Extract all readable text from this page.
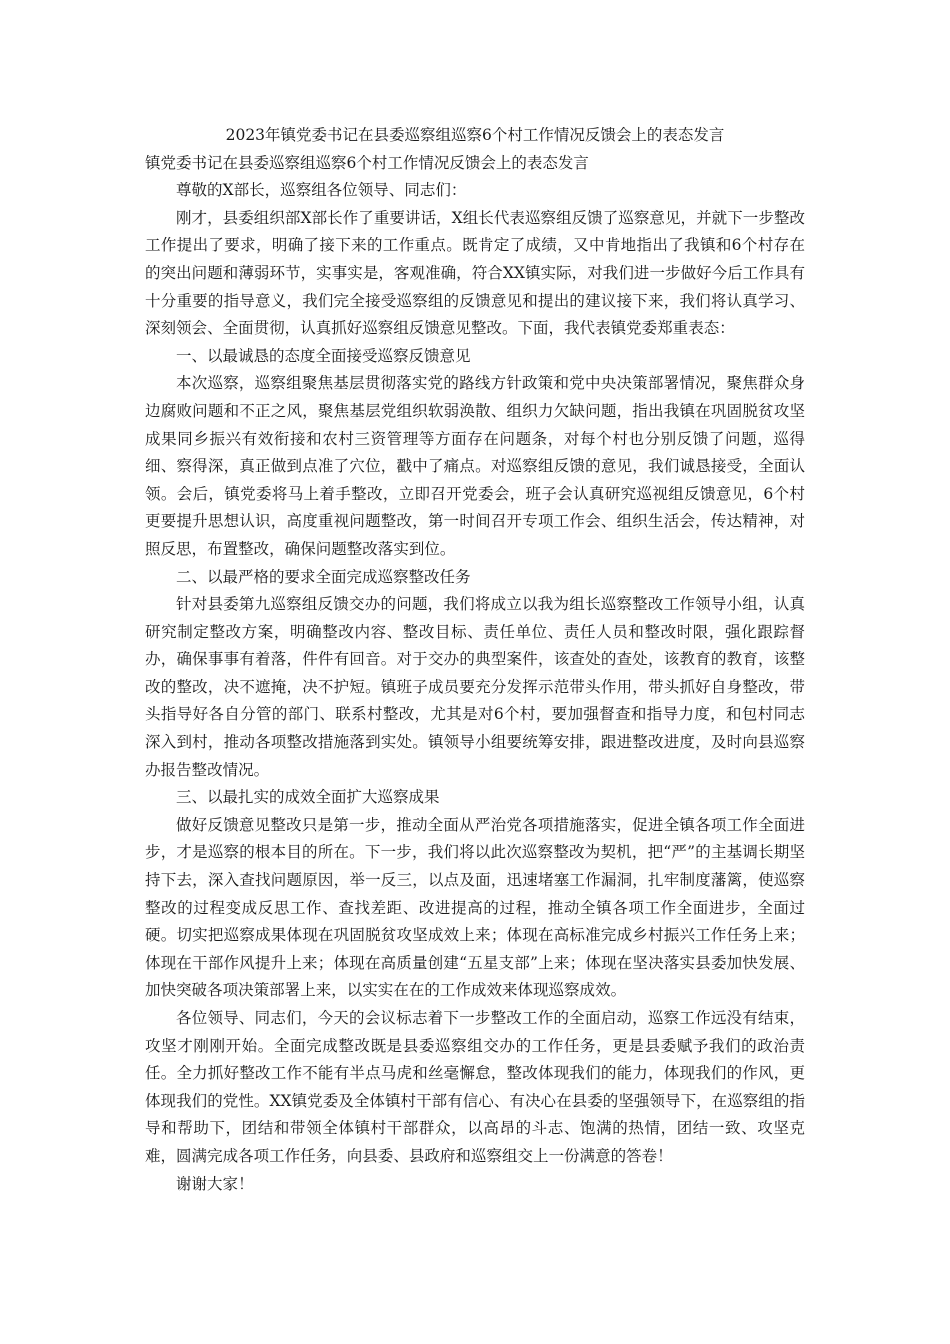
2023年镇党委书记在县委巡察组巡察6个村工作情况反馈会上的表态发言

镇党委书记在县委巡察组巡察6个村工作情况反馈会上的表态发言

尊敬的X部长，巡察组各位领导、同志们：

刚才，县委组织部X部长作了重要讲话，X组长代表巡察组反馈了巡察意见，并就下一步整改工作提出了要求，明确了接下来的工作重点。既肯定了成绩，又中肯地指出了我镇和6个村存在的突出问题和薄弱环节，实事实是，客观准确，符合XX镇实际，对我们进一步做好今后工作具有十分重要的指导意义，我们完全接受巡察组的反馈意见和提出的建议接下来，我们将认真学习、深刻领会、全面贯彻，认真抓好巡察组反馈意见整改。下面，我代表镇党委郑重表态：

一、以最诚恳的态度全面接受巡察反馈意见

本次巡察，巡察组聚焦基层贯彻落实党的路线方针政策和党中央决策部署情况，聚焦群众身边腐败问题和不正之风，聚焦基层党组织软弱涣散、组织力欠缺问题，指出我镇在巩固脱贫攻坚成果同乡振兴有效衔接和农村三资管理等方面存在问题条，对每个村也分别反馈了问题，巡得细、察得深，真正做到点准了穴位，戳中了痛点。对巡察组反馈的意见，我们诚恳接受，全面认领。会后，镇党委将马上着手整改，立即召开党委会，班子会认真研究巡视组反馈意见，6个村更要提升思想认识，高度重视问题整改，第一时间召开专项工作会、组织生活会，传达精神，对照反思，布置整改，确保问题整改落实到位。

二、以最严格的要求全面完成巡察整改任务

针对县委第九巡察组反馈交办的问题，我们将成立以我为组长巡察整改工作领导小组，认真研究制定整改方案，明确整改内容、整改目标、责任单位、责任人员和整改时限，强化跟踪督办，确保事事有着落，件件有回音。对于交办的典型案件，该查处的查处，该教育的教育，该整改的整改，决不遮掩，决不护短。镇班子成员要充分发挥示范带头作用，带头抓好自身整改，带头指导好各自分管的部门、联系村整改，尤其是对6个村，要加强督查和指导力度，和包村同志深入到村，推动各项整改措施落到实处。镇领导小组要统筹安排，跟进整改进度，及时向县巡察办报告整改情况。

三、以最扎实的成效全面扩大巡察成果

做好反馈意见整改只是第一步，推动全面从严治党各项措施落实，促进全镇各项工作全面进步，才是巡察的根本目的所在。下一步，我们将以此次巡察整改为契机，把“严”的主基调长期坚持下去，深入查找问题原因，举一反三，以点及面，迅速堵塞工作漏洞，扎牢制度藩篱，使巡察整改的过程变成反思工作、查找差距、改进提高的过程，推动全镇各项工作全面进步，全面过硬。切实把巡察成果体现在巩固脱贫攻坚成效上来；体现在高标准完成乡村振兴工作任务上来；体现在干部作风提升上来；体现在高质量创建“五星支部”上来；体现在坚决落实县委加快发展、加快突破各项决策部署上来，以实实在在的工作成效来体现巡察成效。

各位领导、同志们，今天的会议标志着下一步整改工作的全面启动，巡察工作远没有结束，攻坚才刚刚开始。全面完成整改既是县委巡察组交办的工作任务，更是县委赋予我们的政治责任。全力抓好整改工作不能有半点马虎和丝毫懈怠，整改体现我们的能力，体现我们的作风，更体现我们的党性。XX镇党委及全体镇村干部有信心、有决心在县委的坚强领导下，在巡察组的指导和帮助下，团结和带领全体镇村干部群众，以高昂的斗志、饱满的热情，团结一致、攻坚克难，圆满完成各项工作任务，向县委、县政府和巡察组交上一份满意的答卷！

谢谢大家！
